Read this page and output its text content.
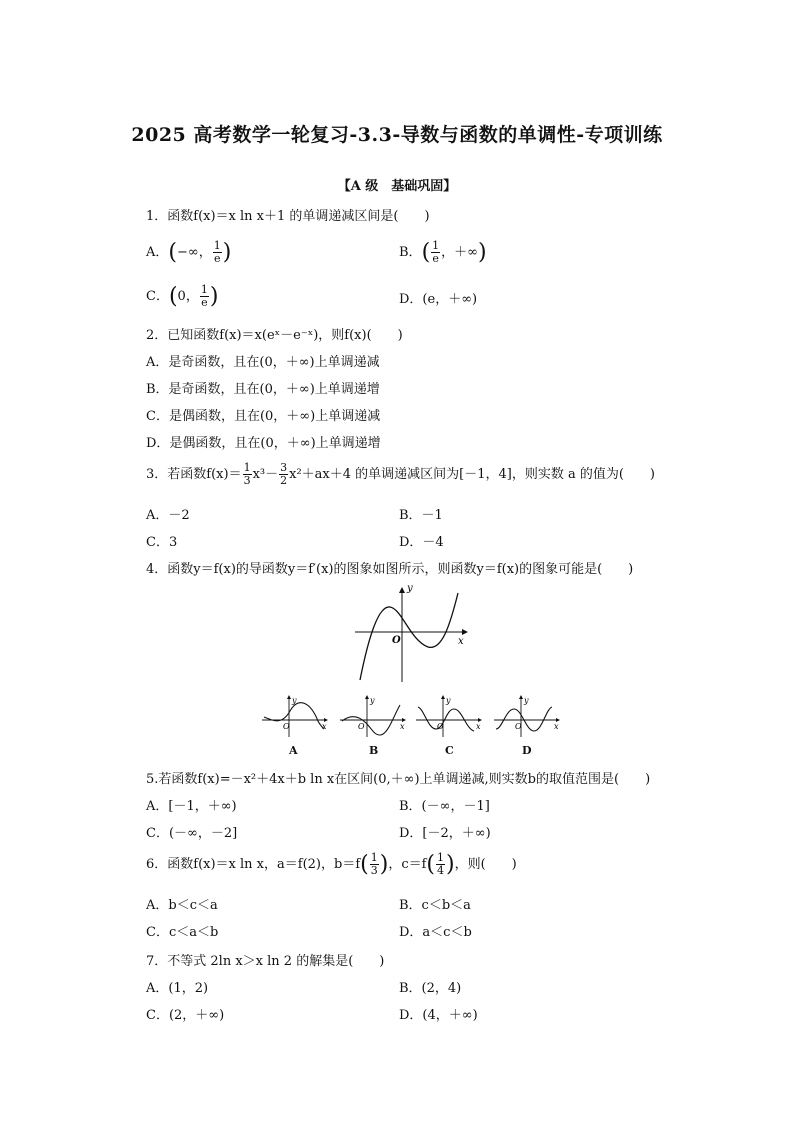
2025 高考数学一轮复习-3.3-导数与函数的单调性-专项训练
【A 级　基础巩固】
1．函数f(x)＝x ln x＋1 的单调递减区间是(　　)
A．(−∞， $\frac{1}{e}$ )	B．( $\frac{1}{e}$ ，＋∞)
C．(0， $\frac{1}{e}$ )	D．(e，＋∞)
2．已知函数f(x)＝x(eˣ－e⁻ˣ)，则f(x)(　　)
A．是奇函数，且在(0，＋∞)上单调递减
B．是奇函数，且在(0，＋∞)上单调递增
C．是偶函数，且在(0，＋∞)上单调递减
D．是偶函数，且在(0，＋∞)上单调递增
3．若函数$f(x)= \frac{1}{3} x^3- \frac{3}{2} x^2+ax+4$ 的单调递减区间为[－1，4]，则实数 a 的值为(　　)
A．－2	B．－1
C．3	D．－4
4．函数y＝f(x)的导函数y＝f′(x)的图象如图所示，则函数y＝f(x)的图象可能是(　　)
y
x
O
y
x
O
A
y
x
O
B
y
x
O
C
y
x
O
D
5.若函数f(x)=－x²＋4x＋b ln x在区间(0,＋∞)上单调递减,则实数b的取值范围是(　　)
A．[－1，＋∞)	B．(－∞，－1]
C．(－∞，－2]	D．[－2，＋∞)
6．函数f(x)＝x ln x，a＝f(2)，$b=f( \frac{1}{3}$ )，$c=f( \frac{1}{4}$ )，则(　　)
A．b＜c＜a	B．c＜b＜a
C．c＜a＜b	D．a＜c＜b
7．不等式 2ln x＞x ln 2 的解集是(　　)
A．(1，2)	B．(2，4)
C．(2，＋∞)	D．(4，＋∞)
